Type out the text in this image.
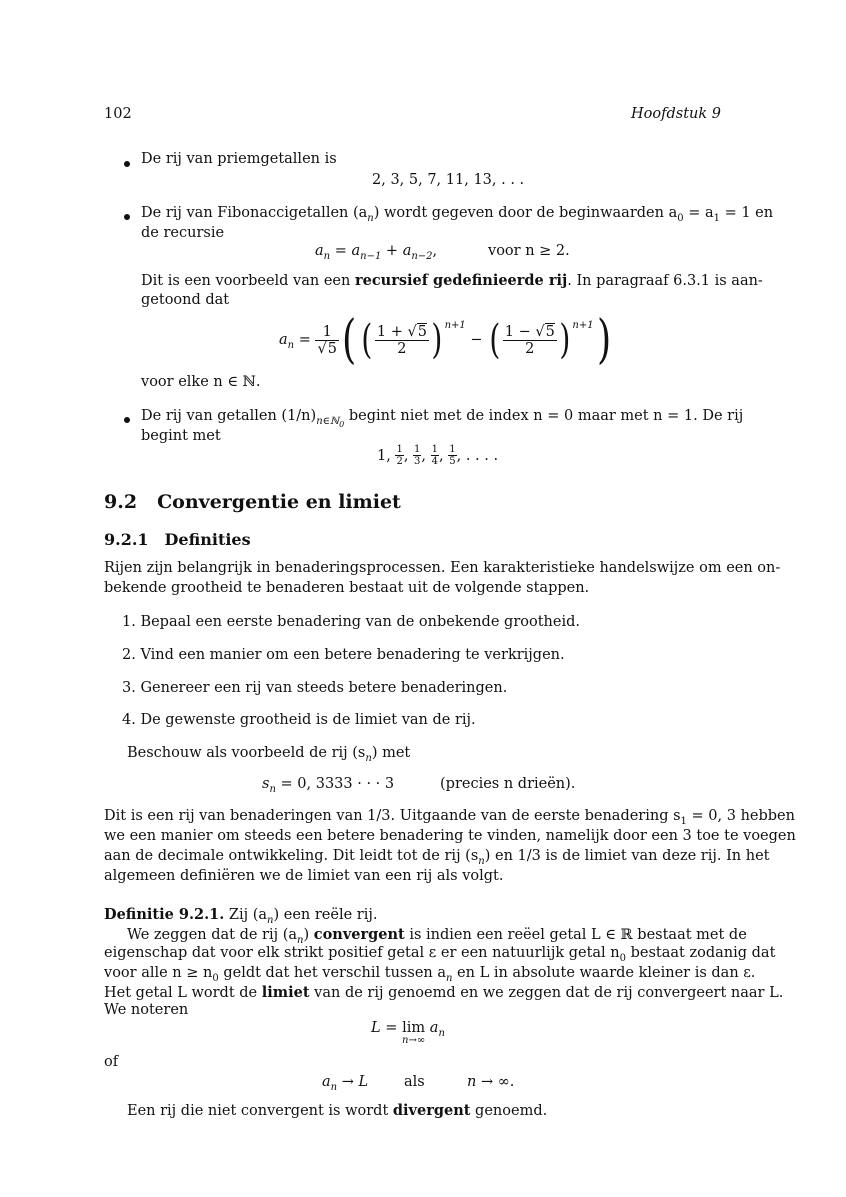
102	Hoofdstuk 9
De rij van priemgetallen is
2, 3, 5, 7, 11, 13, . . .
De rij van Fibonaccigetallen $(a_n)$ wordt gegeven door de beginwaarden $a_0 = a_1 = 1$ en
de recursie
$a_n = a_{n-1} + a_{n-2}$,	voor n ≥ 2.
Dit is een voorbeeld van een recursief gedefinieerde rij. In paragraaf 6.3.1 is aan-
getoond dat
$a_n = \frac{1}{√5}$ ( ( $\frac{1 + √5}{2} )^{n+1}$
− ( $\frac{1 - √5}{2} )^{n+1}$ )
voor elke n ∈ ℕ.
De rij van getallen $(1/n)_{n\in ℕ_0}$ begint niet met de index n = 0 maar met n = 1. De rij
begint met
1, $\frac{1}{2}$ , $\frac{1}{3}$ , $\frac{1}{4}$ , $\frac{1}{5}$ , . . . .
9.2 Convergentie en limiet
9.2.1 Definities
Rijen zijn belangrijk in benaderingsprocessen. Een karakteristieke handelswijze om een on-
bekende grootheid te benaderen bestaat uit de volgende stappen.
1. Bepaal een eerste benadering van de onbekende grootheid.
2. Vind een manier om een betere benadering te verkrijgen.
3. Genereer een rij van steeds betere benaderingen.
4. De gewenste grootheid is de limiet van de rij.
Beschouw als voorbeeld de rij $(s_n)$ met
$s_n = 0$, 3333 · · · 3	(precies n drieën).
Dit is een rij van benaderingen van 1/3. Uitgaande van de eerste benadering $s_1 = 0$, 3 hebben
we een manier om steeds een betere benadering te vinden, namelijk door een 3 toe te voegen
aan de decimale ontwikkeling. Dit leidt tot de rij $(s_n)$ en 1/3 is de limiet van deze rij. In het
algemeen definiëren we de limiet van een rij als volgt.
Definitie 9.2.1. Zij $(a_n)$ een reële rij.
We zeggen dat de rij $(a_n)$ convergent is indien een reëel getal L ∈ ℝ bestaat met de
eigenschap dat voor elk strikt positief getal ε er een natuurlijk getal $n_0$ bestaat zodanig dat
voor alle $n \ge n_0$ geldt dat het verschil tussen $a_n$ en L in absolute waarde kleiner is dan ε.
Het getal L wordt de limiet van de rij genoemd en we zeggen dat de rij convergeert naar L.
We noteren
L = lim

n→∞
$a_n$
of
$a_n \to L$ als	n → ∞.
Een rij die niet convergent is wordt divergent genoemd.
